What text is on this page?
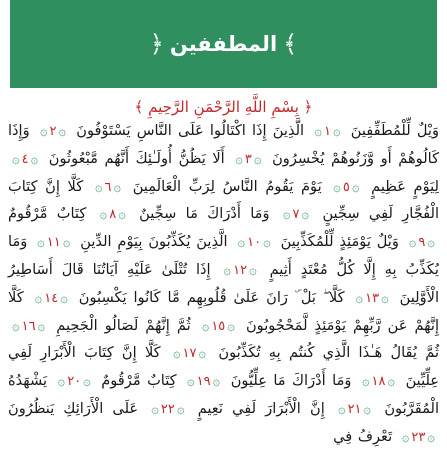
﴿ المطففين ﴾
﴿ بِسْمِ اللَّهِ الرَّحْمَنِ الرَّحِيمِ ﴾
وَيْلٌ لِّلْمُطَفِّفِينَ ۞١۞ الَّذِينَ إِذَا اكْتَالُوا عَلَى النَّاسِ يَسْتَوْفُونَ ۞٢۞ وَإِذَا كَالُوهُمْ أَو وَّزَنُوهُمْ يُخْسِرُونَ ۞٣۞ أَلَا يَظُنُّ أُولَـٰئِكَ أَنَّهُم مَّبْعُوثُونَ ۞٤۞ لِيَوْمٍ عَظِيمٍ ۞٥۞ يَوْمَ يَقُومُ النَّاسُ لِرَبِّ الْعَالَمِينَ ۞٦۞ كَلَّا إِنَّ كِتَابَ الْفُجَّارِ لَفِي سِجِّينٍ ۞٧۞ وَمَا أَدْرَاكَ مَا سِجِّينٌ ۞٨۞ كِتَابٌ مَّرْقُومٌ ۞٩۞ وَيْلٌ يَوْمَئِذٍ لِّلْمُكَذِّبِينَ ۞١٠۞ الَّذِينَ يُكَذِّبُونَ بِيَوْمِ الدِّينِ ۞١١۞ وَمَا يُكَذِّبُ بِهِ إِلَّا كُلُّ مُعْتَدٍ أَثِيمٍ ۞١٢۞ إِذَا تُتْلَىٰ عَلَيْهِ آيَاتُنَا قَالَ أَسَاطِيرُ الْأَوَّلِينَ ۞١٣۞ كَلَّا ۖ بَلْ ۜ رَانَ عَلَىٰ قُلُوبِهِم مَّا كَانُوا يَكْسِبُونَ ۞١٤۞ كَلَّا إِنَّهُمْ عَن رَّبِّهِمْ يَوْمَئِذٍ لَّمَحْجُوبُونَ ۞١٥۞ ثُمَّ إِنَّهُمْ لَصَالُو الْجَحِيمِ ۞١٦۞ ثُمَّ يُقَالُ هَـٰذَا الَّذِي كُنتُم بِهِ تُكَذِّبُونَ ۞١٧۞ كَلَّا إِنَّ كِتَابَ الْأَبْرَارِ لَفِي عِلِّيِّينَ ۞١٨۞ وَمَا أَدْرَاكَ مَا عِلِّيُّونَ ۞١٩۞ كِتَابٌ مَّرْقُومٌ ۞٢٠۞ يَشْهَدُهُ الْمُقَرَّبُونَ ۞٢١۞ إِنَّ الْأَبْرَارَ لَفِي نَعِيمٍ ۞٢٢۞ عَلَى الْأَرَائِكِ يَنظُرُونَ ۞٢٣۞ تَعْرِفُ فِي
